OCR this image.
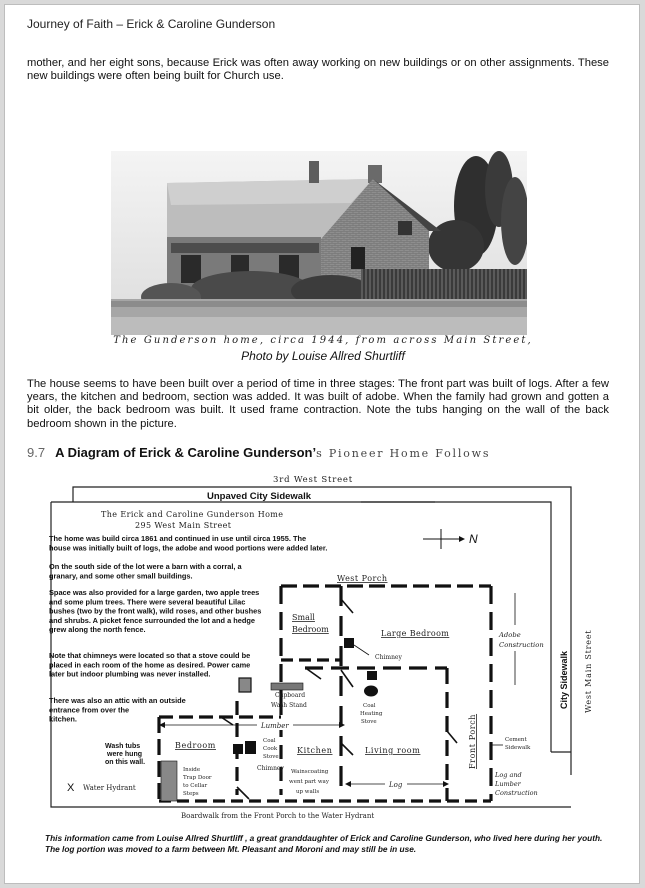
Journey of Faith – Erick & Caroline Gunderson

mother, and her eight sons, because Erick was often away working on new buildings or on other assignments. These new buildings were often being built for Church use.

The Gunderson home, circa 1944, from across Main Street,
Photo by Louise Allred Shurtliff

The house seems to have been built over a period of time in three stages: The front part was built of logs. After a few years, the kitchen and bedroom, section was added. It was built of adobe. When the family had grown and gotten a bit older, the back bedroom was built. It used frame contraction. Note the tubs hanging on the wall of the back bedroom shown in the picture.

9.7 A Diagram of Erick & Caroline Gunderson’s Pioneer Home Follows
3rd West Street
Unpaved City Sidewalk
The Erick and Caroline Gunderson Home
295 West Main Street
The home was build circa 1861 and continued in use until circa 1955. The
house was initially built of logs, the adobe and wood portions were added later.
On the south side of the lot were a barn with a corral, a
granary, and some other small buildings.
Space was also provided for a large garden, two apple trees
and some plum trees. There were several beautiful Lilac
bushes (two by the front walk), wild roses, and other bushes
and shrubs. A picket fence surrounded the lot and a hedge
grew along the north fence.
Note that chimneys were located so that a stove could be
placed in each room of the home as desired. Power came
later but indoor plumbing was never installed.
There was also an attic with an outside
entrance from over the
kitchen.
N
West Porch
Small
Bedroom	Large Bedroom
Bedroom
Kitchen	Living room	Front Porch
Adobe
Construction
Chimney
Coal
Heating
Stove
Cupboard
Wash Stand
Lumber
Coal
Cook
Stove
Chimney
Wash tubs
were hung
on this wall.
Inside
Trap Door
to Cellar
Steps
Wainscoating
went part way
up walls
Log
Cement
Sidewalk
Log and
Lumber
Construction
X Water Hydrant
Boardwalk from the Front Porch to the Water Hydrant
City Sidewalk West Main Street
This information came from Louise Allred Shurtliff , a great granddaughter of Erick and Caroline Gunderson, who lived here during her youth. The log portion was moved to a farm between Mt. Pleasant and Moroni and may still be in use.
